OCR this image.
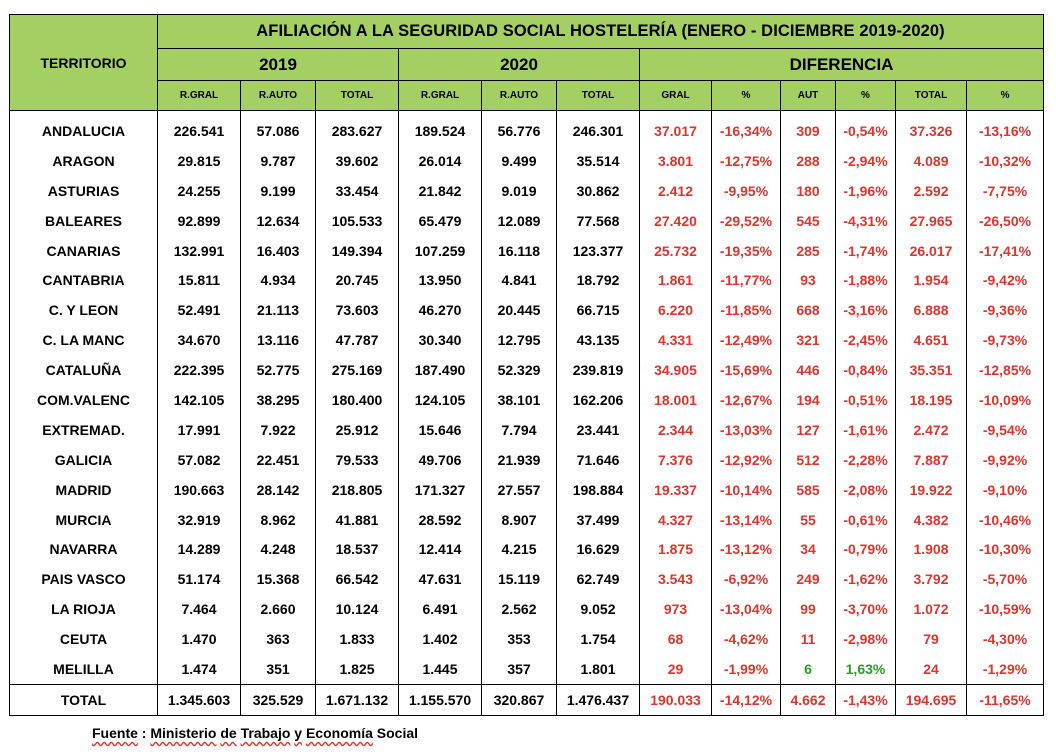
TERRITORIO	AFILIACIÓN A LA SEGURIDAD SOCIAL HOSTELERÍA (ENERO - DICIEMBRE 2019-2020)											
	2019			2020			DIFERENCIA					
	R.GRAL	R.AUTO	TOTAL	R.GRAL	R.AUTO	TOTAL	GRAL	%	AUT	%	TOTAL	%

ANDALUCIA	226.541	57.086	283.627	189.524	56.776	246.301	37.017	-16,34%	309	-0,54%	37.326	-13,16%
ARAGON	29.815	9.787	39.602	26.014	9.499	35.514	3.801	-12,75%	288	-2,94%	4.089	-10,32%
ASTURIAS	24.255	9.199	33.454	21.842	9.019	30.862	2.412	-9,95%	180	-1,96%	2.592	-7,75%
BALEARES	92.899	12.634	105.533	65.479	12.089	77.568	27.420	-29,52%	545	-4,31%	27.965	-26,50%
CANARIAS	132.991	16.403	149.394	107.259	16.118	123.377	25.732	-19,35%	285	-1,74%	26.017	-17,41%
CANTABRIA	15.811	4.934	20.745	13.950	4.841	18.792	1.861	-11,77%	93	-1,88%	1.954	-9,42%
C. Y LEON	52.491	21.113	73.603	46.270	20.445	66.715	6.220	-11,85%	668	-3,16%	6.888	-9,36%
C. LA MANC	34.670	13.116	47.787	30.340	12.795	43.135	4.331	-12,49%	321	-2,45%	4.651	-9,73%
CATALUÑA	222.395	52.775	275.169	187.490	52.329	239.819	34.905	-15,69%	446	-0,84%	35.351	-12,85%
COM.VALENC	142.105	38.295	180.400	124.105	38.101	162.206	18.001	-12,67%	194	-0,51%	18.195	-10,09%
EXTREMAD.	17.991	7.922	25.912	15.646	7.794	23.441	2.344	-13,03%	127	-1,61%	2.472	-9,54%
GALICIA	57.082	22.451	79.533	49.706	21.939	71.646	7.376	-12,92%	512	-2,28%	7.887	-9,92%
MADRID	190.663	28.142	218.805	171.327	27.557	198.884	19.337	-10,14%	585	-2,08%	19.922	-9,10%
MURCIA	32.919	8.962	41.881	28.592	8.907	37.499	4.327	-13,14%	55	-0,61%	4.382	-10,46%
NAVARRA	14.289	4.248	18.537	12.414	4.215	16.629	1.875	-13,12%	34	-0,79%	1.908	-10,30%
PAIS VASCO	51.174	15.368	66.542	47.631	15.119	62.749	3.543	-6,92%	249	-1,62%	3.792	-5,70%
LA RIOJA	7.464	2.660	10.124	6.491	2.562	9.052	973	-13,04%	99	-3,70%	1.072	-10,59%
CEUTA	1.470	363	1.833	1.402	353	1.754	68	-4,62%	11	-2,98%	79	-4,30%
MELILLA	1.474	351	1.825	1.445	357	1.801	29	-1,99%	6	1,63%	24	-1,29%
TOTAL	1.345.603	325.529	1.671.132	1.155.570	320.867	1.476.437	190.033	-14,12%	4.662	-1,43%	194.695	-11,65%
Fuente : Ministerio de Trabajo y Economía Social
